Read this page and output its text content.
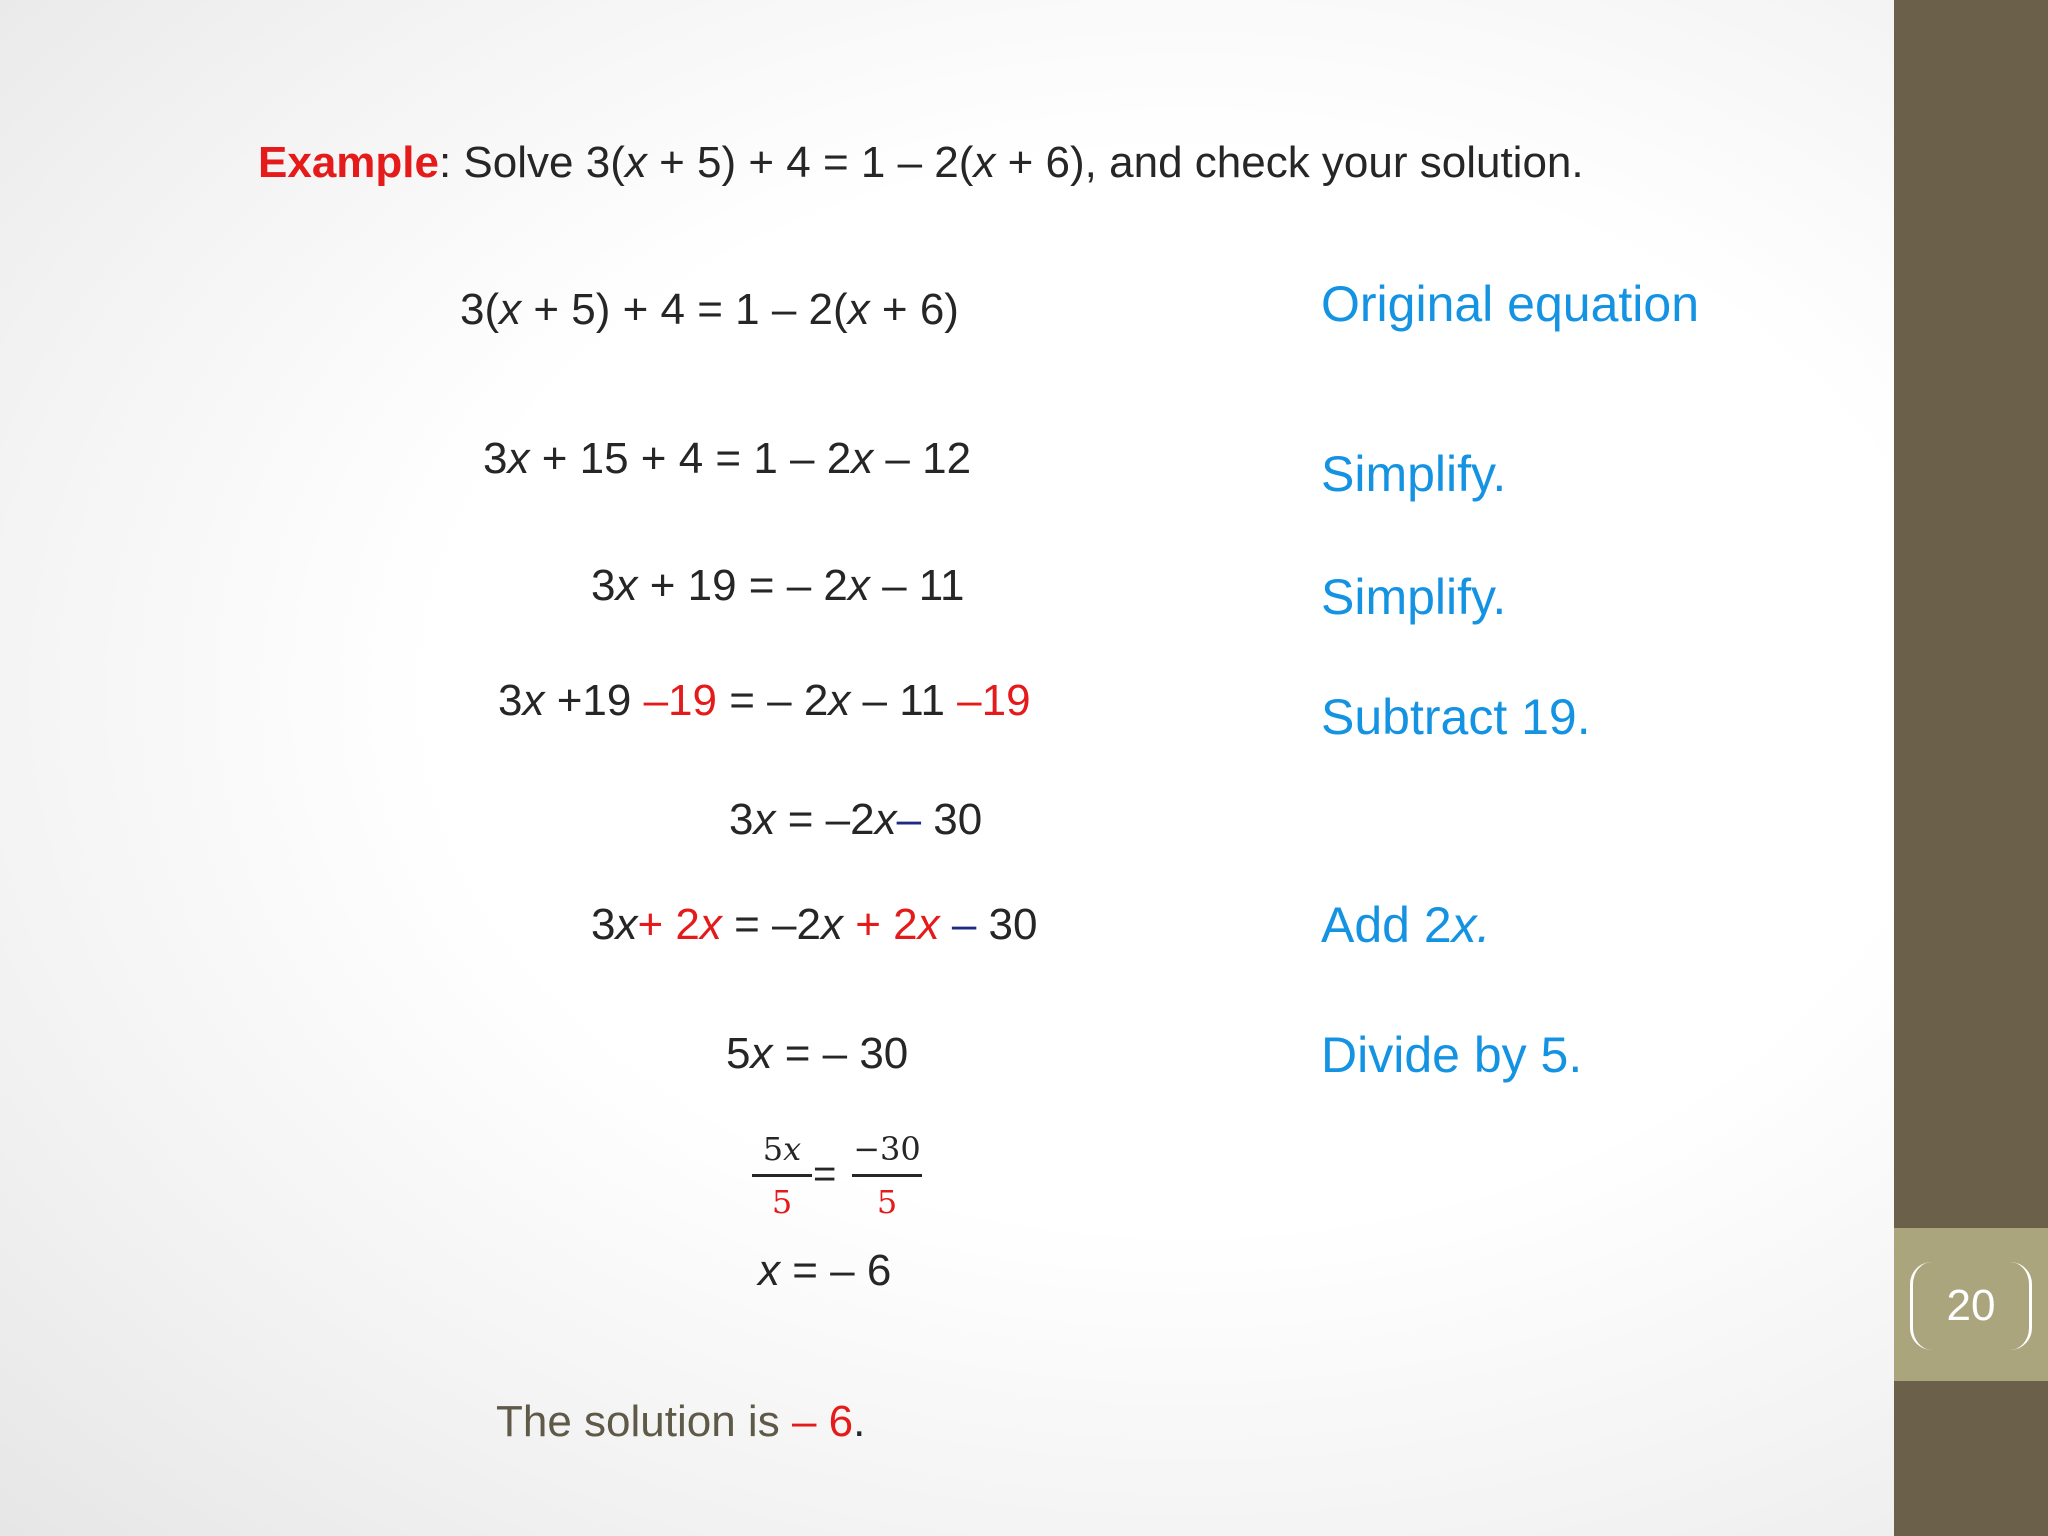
20
Example: Solve 3(x + 5) + 4 = 1 – 2(x + 6), and check your solution.
3(x + 5) + 4 = 1 – 2(x + 6)
3x + 15 + 4 = 1 – 2x – 12
3x + 19 = – 2x – 11
3x +19 –19 = – 2x – 11 –19
3x = –2x– 30
3x+ 2x = –2x + 2x – 30
5x = – 30
5𝑥
5
= $\frac{-30}{5}$
x = – 6
Original equation
Simplify.
Simplify.
Subtract 19.
Add 2x.
Divide by 5.
The solution is – 6.
